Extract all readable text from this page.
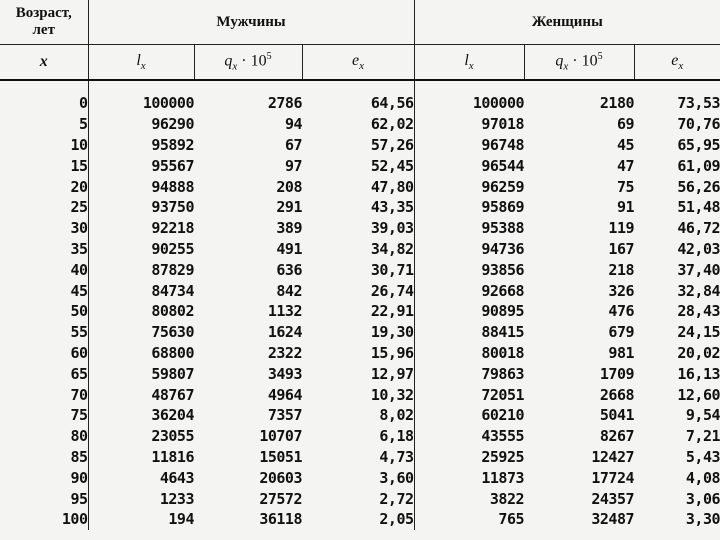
Возраст,
лет	Мужчины			Женщины		
x	$l_x$	$q_x \cdot 10^5$	$e_x$	$l_x$	$q_x \cdot 10^5$	$e_x$

0	100000	2786	64,56	100000	2180	73,53
5	96290	94	62,02	97018	69	70,76
10	95892	67	57,26	96748	45	65,95
15	95567	97	52,45	96544	47	61,09
20	94888	208	47,80	96259	75	56,26
25	93750	291	43,35	95869	91	51,48
30	92218	389	39,03	95388	119	46,72
35	90255	491	34,82	94736	167	42,03
40	87829	636	30,71	93856	218	37,40
45	84734	842	26,74	92668	326	32,84
50	80802	1132	22,91	90895	476	28,43
55	75630	1624	19,30	88415	679	24,15
60	68800	2322	15,96	80018	981	20,02
65	59807	3493	12,97	79863	1709	16,13
70	48767	4964	10,32	72051	2668	12,60
75	36204	7357	8,02	60210	5041	9,54
80	23055	10707	6,18	43555	8267	7,21
85	11816	15051	4,73	25925	12427	5,43
90	4643	20603	3,60	11873	17724	4,08
95	1233	27572	2,72	3822	24357	3,06
100	194	36118	2,05	765	32487	3,30
